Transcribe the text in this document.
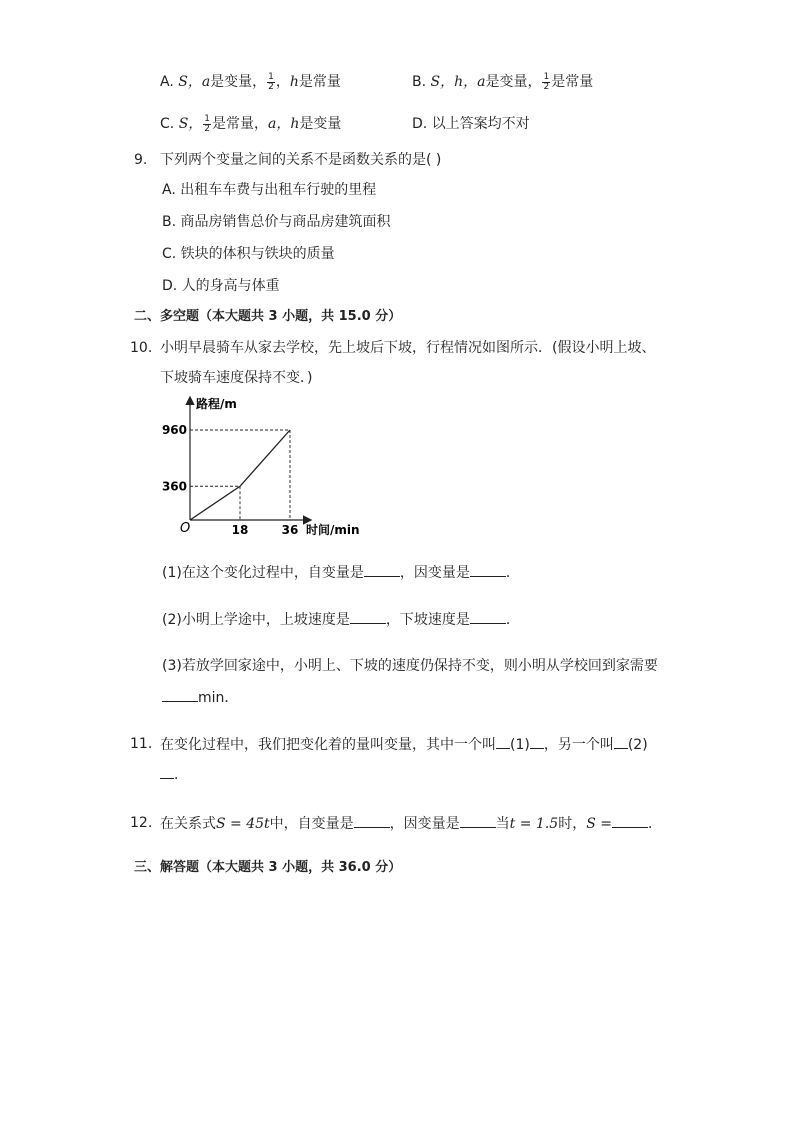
A. S，a是变量， $\frac{1}{2}$ ，h是常量	B. S，h，a是变量， $\frac{1}{2}$ 是常量
C. S， $\frac{1}{2}$ 是常量，a，h是变量	D. 以上答案均不对
9. 下列两个变量之间的关系不是函数关系的是( )
A. 出租车车费与出租车行驶的里程
B. 商品房销售总价与商品房建筑面积
C. 铁块的体积与铁块的质量
D. 人的身高与体重
二、多空题（本大题共 3 小题，共 15.0 分）
10. 小明早晨骑车从家去学校，先上坡后下坡，行程情况如图所示．(假设小明上坡、
下坡骑车速度保持不变．)
路程/m
时间/min
O	18	36
360
960
(1)在这个变化过程中，自变量是	，因变量是	．
(2)小明上学途中，上坡速度是	，下坡速度是	．
(3)若放学回家途中，小明上、下坡的速度仍保持不变，则小明从学校回到家需要
min．
11. 在变化过程中，我们把变化着的量叫变量，其中一个叫 (1) ，另一个叫 (2)
．
12. 在关系式S = 45t中，自变量是	，因变量是	当t = 1.5时，S =	．
三、解答题（本大题共 3 小题，共 36.0 分）
